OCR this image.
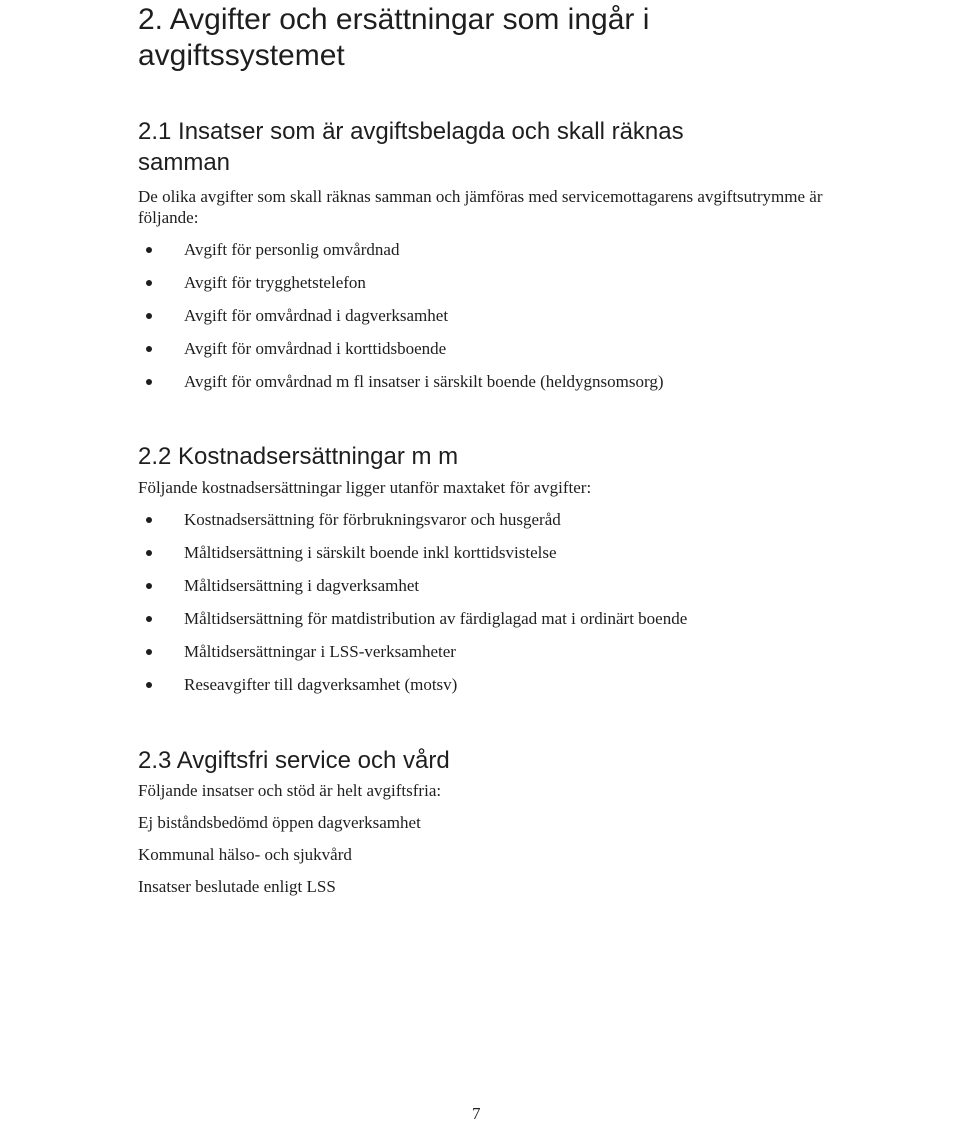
2. Avgifter och ersättningar som ingår i avgiftssystemet
2.1 Insatser som är avgiftsbelagda och skall räknas samman
De olika avgifter som skall räknas samman och jämföras med servicemottagarens avgiftsutrymme är följande:
Avgift för personlig omvårdnad
Avgift för trygghetstelefon
Avgift för omvårdnad i dagverksamhet
Avgift för omvårdnad i korttidsboende
Avgift för omvårdnad m fl insatser i särskilt boende (heldygnsomsorg)
2.2 Kostnadsersättningar m m
Följande kostnadsersättningar ligger utanför maxtaket för avgifter:
Kostnadsersättning för förbrukningsvaror och husgeråd
Måltidsersättning i särskilt boende inkl korttidsvistelse
Måltidsersättning i dagverksamhet
Måltidsersättning för matdistribution av färdiglagad mat i ordinärt boende
Måltidsersättningar i LSS-verksamheter
Reseavgifter till dagverksamhet (motsv)
2.3 Avgiftsfri service och vård
Följande insatser och stöd är helt avgiftsfria:
Ej biståndsbedömd öppen dagverksamhet
Kommunal hälso- och sjukvård
Insatser beslutade enligt LSS
7
